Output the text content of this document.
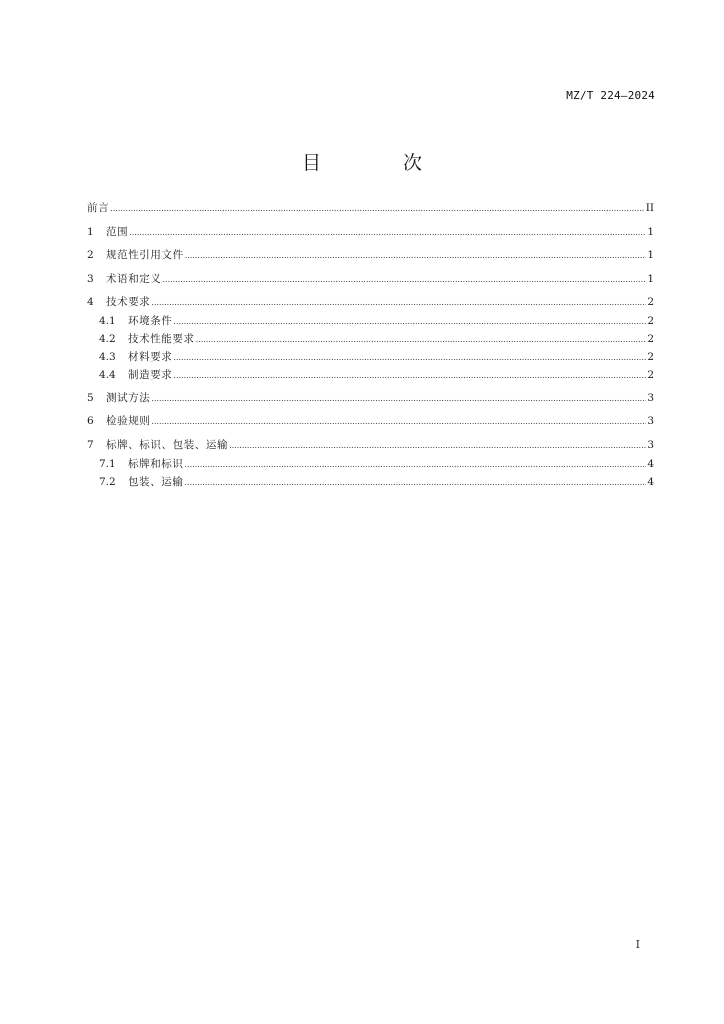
MZ/T 224—2024
目 次
前言 .....	II
1	范围 .....	1
2	规范性引用文件 .....	1
3	术语和定义 .....	1
4	技术要求 .....	2
4.1	环境条件 .....	2
4.2	技术性能要求 .....	2
4.3	材料要求 .....	2
4.4	制造要求 .....	2
5	测试方法 .....	3
6	检验规则 .....	3
7	标牌、标识、包装、运输 .....	3
7.1	标牌和标识 .....	4
7.2	包装、运输 .....	4
I
